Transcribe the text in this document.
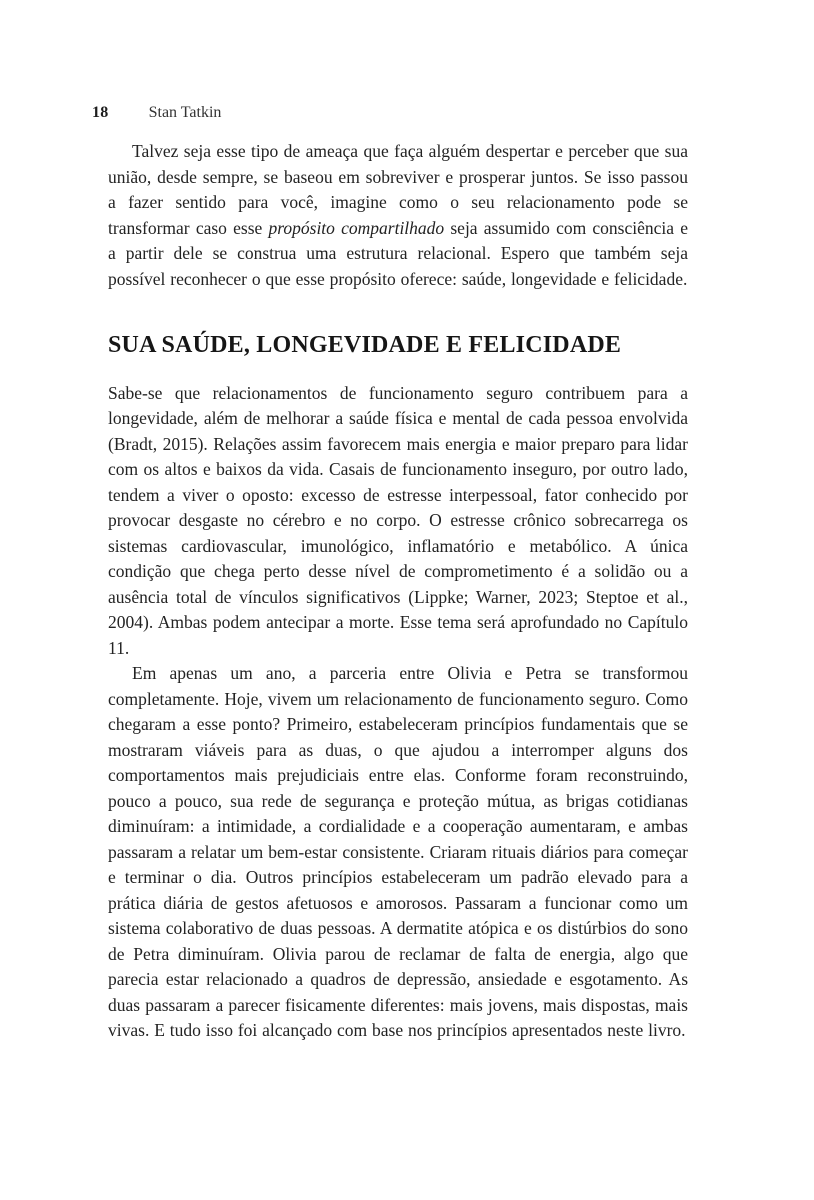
18	Stan Tatkin

Talvez seja esse tipo de ameaça que faça alguém despertar e perceber que sua união, desde sempre, se baseou em sobreviver e prosperar juntos. Se isso passou a fazer sentido para você, imagine como o seu relacionamento pode se transformar caso esse propósito compartilhado seja assumido com consciência e a partir dele se construa uma estrutura relacional. Espero que também seja possível reconhecer o que esse propósito oferece: saúde, longevidade e felicidade.

SUA SAÚDE, LONGEVIDADE E FELICIDADE

Sabe-se que relacionamentos de funcionamento seguro contribuem para a longevidade, além de melhorar a saúde física e mental de cada pessoa envolvida (Bradt, 2015). Relações assim favorecem mais energia e maior preparo para lidar com os altos e baixos da vida. Casais de funcionamento inseguro, por outro lado, tendem a viver o oposto: excesso de estresse interpessoal, fator conhecido por provocar desgaste no cérebro e no corpo. O estresse crônico sobrecarrega os sistemas cardiovascular, imunológico, inflamatório e metabólico. A única condição que chega perto desse nível de comprometimento é a solidão ou a ausência total de vínculos significativos (Lippke; Warner, 2023; Steptoe et al., 2004). Ambas podem antecipar a morte. Esse tema será aprofundado no Capítulo 11.

Em apenas um ano, a parceria entre Olivia e Petra se transformou completamente. Hoje, vivem um relacionamento de funcionamento seguro. Como chegaram a esse ponto? Primeiro, estabeleceram princípios fundamentais que se mostraram viáveis para as duas, o que ajudou a interromper alguns dos comportamentos mais prejudiciais entre elas. Conforme foram reconstruindo, pouco a pouco, sua rede de segurança e proteção mútua, as brigas cotidianas diminuíram: a intimidade, a cordialidade e a cooperação aumentaram, e ambas passaram a relatar um bem-estar consistente. Criaram rituais diários para começar e terminar o dia. Outros princípios estabeleceram um padrão elevado para a prática diária de gestos afetuosos e amorosos. Passaram a funcionar como um sistema colaborativo de duas pessoas. A dermatite atópica e os distúrbios do sono de Petra diminuíram. Olivia parou de reclamar de falta de energia, algo que parecia estar relacionado a quadros de depressão, ansiedade e esgotamento. As duas passaram a parecer fisicamente diferentes: mais jovens, mais dispostas, mais vivas. E tudo isso foi alcançado com base nos princípios apresentados neste livro.
